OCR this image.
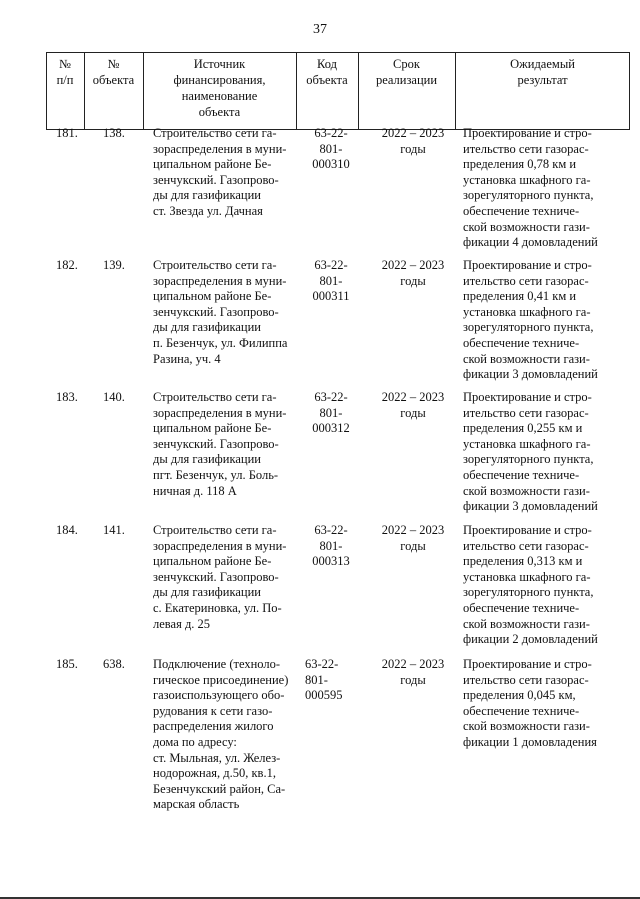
37
№
п/п
№
объекта
Источник
финансирования,
наименование
объекта
Код
объекта
Срок
реализации
Ожидаемый
результат
181. 138. Строительство сети га-
зораспределения в муни-
ципальном районе Бе-
зенчукский. Газопрово-
ды для газификации
ст. Звезда ул. Дачная
63-22-
801-
000310
2022 – 2023
годы
Проектирование и стро-
ительство сети газорас-
пределения 0,78 км и
установка шкафного га-
зорегуляторного пункта,
обеспечение техниче-
ской возможности гази-
фикации 4 домовладений
182. 139. Строительство сети га-
зораспределения в муни-
ципальном районе Бе-
зенчукский. Газопрово-
ды для газификации
п. Безенчук, ул. Филиппа
Разина, уч. 4
63-22-
801-
000311
2022 – 2023
годы
Проектирование и стро-
ительство сети газорас-
пределения 0,41 км и
установка шкафного га-
зорегуляторного пункта,
обеспечение техниче-
ской возможности гази-
фикации 3 домовладений
183. 140. Строительство сети га-
зораспределения в муни-
ципальном районе Бе-
зенчукский. Газопрово-
ды для газификации
пгт. Безенчук, ул. Боль-
ничная д. 118 А
63-22-
801-
000312
2022 – 2023
годы
Проектирование и стро-
ительство сети газорас-
пределения 0,255 км и
установка шкафного га-
зорегуляторного пункта,
обеспечение техниче-
ской возможности гази-
фикации 3 домовладений
184. 141. Строительство сети га-
зораспределения в муни-
ципальном районе Бе-
зенчукский. Газопрово-
ды для газификации
с. Екатериновка, ул. По-
левая д. 25
63-22-
801-
000313
2022 – 2023
годы
Проектирование и стро-
ительство сети газорас-
пределения 0,313 км и
установка шкафного га-
зорегуляторного пункта,
обеспечение техниче-
ской возможности гази-
фикации 2 домовладений
185. 638. Подключение (техноло-
гическое присоединение)
газоиспользующего обо-
рудования к сети газо-
распределения жилого
дома по адресу:
ст. Мыльная, ул. Желез-
нодорожная, д.50, кв.1,
Безенчукский район, Са-
марская область
63-22-
801-
000595
2022 – 2023
годы
Проектирование и стро-
ительство сети газорас-
пределения 0,045 км,
обеспечение техниче-
ской возможности гази-
фикации 1 домовладения
